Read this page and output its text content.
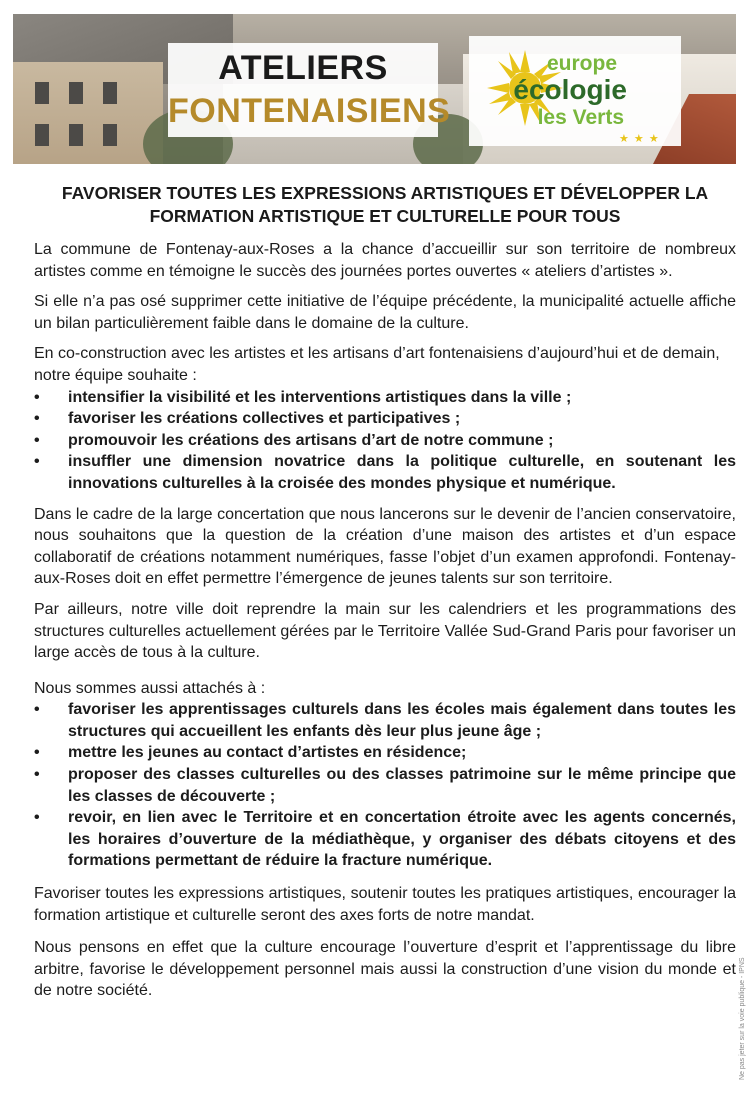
ATELIERS
FONTENAISIENS
europe
écologie
les Verts
★ ★ ★
FAVORISER TOUTES LES EXPRESSIONS ARTISTIQUES ET DÉVELOPPER LA FORMATION ARTISTIQUE ET CULTURELLE POUR TOUS

La commune de Fontenay-aux-Roses a la chance d’accueillir sur son territoire de nombreux artistes comme en témoigne le succès des journées portes ouvertes « ateliers d’artistes ».

Si elle n’a pas osé supprimer cette initiative de l’équipe précédente, la municipalité actuelle affiche un bilan particulièrement faible dans le domaine de la culture.

En co-construction avec les artistes et les artisans d’art fontenaisiens d’aujourd’hui et de demain, notre équipe souhaite :

•	intensifier la visibilité et les interventions artistiques dans la ville ;
•	favoriser les créations collectives et participatives ;
•	promouvoir les créations des artisans d’art de notre commune ;
•	insuffler une dimension novatrice dans la politique culturelle, en soutenant les innovations culturelles à la croisée des mondes physique et numérique.

Dans le cadre de la large concertation que nous lancerons sur le devenir de l’ancien conservatoire, nous souhaitons que la question de la création d’une maison des artistes et d’un espace collaboratif de créations notamment numériques, fasse l’objet d’un examen approfondi. Fontenay-aux-Roses doit en effet permettre l’émergence de jeunes talents sur son territoire.

Par ailleurs, notre ville doit reprendre la main sur les calendriers et les programmations des structures culturelles actuellement gérées par le Territoire Vallée Sud-Grand Paris pour favoriser un large accès de tous à la culture.

Nous sommes aussi attachés à :

•	favoriser les apprentissages culturels dans les écoles mais également dans toutes les structures qui accueillent les enfants dès leur plus jeune âge ;
•	mettre les jeunes au contact d’artistes en résidence;
•	proposer des classes culturelles ou des classes patrimoine sur le même principe que les classes de découverte ;
•	revoir, en lien avec le Territoire et en concertation étroite avec les agents concernés, les horaires d’ouverture de la médiathèque, y organiser des débats citoyens et des formations permettant de réduire la fracture numérique.

Favoriser toutes les expressions artistiques, soutenir toutes les pratiques artistiques, encourager la formation artistique et culturelle seront des axes forts de notre mandat.

Nous pensons en effet que la culture encourage l’ouverture d’esprit et l’apprentissage du libre arbitre, favorise le développement personnel mais aussi la construction d’une vision du monde et de notre société.	Ne pas jeter sur la voie publique - IPNS
